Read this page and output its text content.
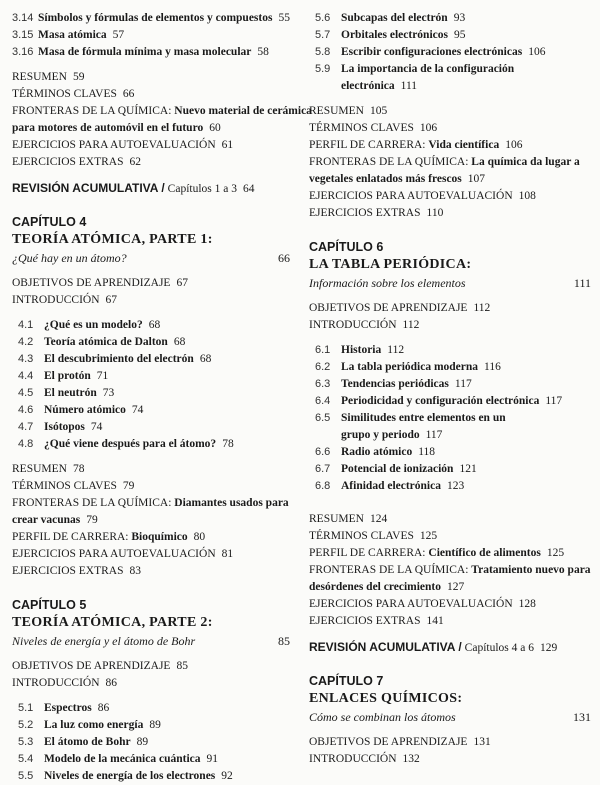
3.14 Símbolos y fórmulas de elementos y compuestos 55
3.15 Masa atómica 57
3.16 Masa de fórmula mínima y masa molecular 58
RESUMEN 59
TÉRMINOS CLAVES 66
FRONTERAS DE LA QUÍMICA: Nuevo material de cerámica
para motores de automóvil en el futuro 60
EJERCICIOS PARA AUTOEVALUACIÓN 61
EJERCICIOS EXTRAS 62
REVISIÓN ACUMULATIVA / Capítulos 1 a 3 64
CAPÍTULO 4
TEORÍA ATÓMICA, PARTE 1:
¿Qué hay en un átomo?	66
OBJETIVOS DE APRENDIZAJE 67
INTRODUCCIÓN 67
4.1 ¿Qué es un modelo? 68
4.2 Teoría atómica de Dalton 68
4.3 El descubrimiento del electrón 68
4.4 El protón 71
4.5 El neutrón 73
4.6 Número atómico 74
4.7 Isótopos 74
4.8 ¿Qué viene después para el átomo? 78
RESUMEN 78
TÉRMINOS CLAVES 79
FRONTERAS DE LA QUÍMICA: Diamantes usados para
crear vacunas 79
PERFIL DE CARRERA: Bioquímico 80
EJERCICIOS PARA AUTOEVALUACIÓN 81
EJERCICIOS EXTRAS 83
CAPÍTULO 5
TEORÍA ATÓMICA, PARTE 2:
Niveles de energía y el átomo de Bohr	85
OBJETIVOS DE APRENDIZAJE 85
INTRODUCCIÓN 86
5.1 Espectros 86
5.2 La luz como energía 89
5.3 El átomo de Bohr 89
5.4 Modelo de la mecánica cuántica 91
5.5 Niveles de energía de los electrones 92
5.6 Subcapas del electrón 93
5.7 Orbitales electrónicos 95
5.8 Escribir configuraciones electrónicas 106
5.9 La importancia de la configuración
electrónica 111
RESUMEN 105
TÉRMINOS CLAVES 106
PERFIL DE CARRERA: Vida científica 106
FRONTERAS DE LA QUÍMICA: La química da lugar a
vegetales enlatados más frescos 107
EJERCICIOS PARA AUTOEVALUACIÓN 108
EJERCICIOS EXTRAS 110
CAPÍTULO 6
LA TABLA PERIÓDICA:
Información sobre los elementos	111
OBJETIVOS DE APRENDIZAJE 112
INTRODUCCIÓN 112
6.1 Historia 112
6.2 La tabla periódica moderna 116
6.3 Tendencias periódicas 117
6.4 Periodicidad y configuración electrónica 117
6.5 Similitudes entre elementos en un
grupo y periodo 117
6.6 Radio atómico 118
6.7 Potencial de ionización 121
6.8 Afinidad electrónica 123
RESUMEN 124
TÉRMINOS CLAVES 125
PERFIL DE CARRERA: Científico de alimentos 125
FRONTERAS DE LA QUÍMICA: Tratamiento nuevo para
desórdenes del crecimiento 127
EJERCICIOS PARA AUTOEVALUACIÓN 128
EJERCICIOS EXTRAS 141
REVISIÓN ACUMULATIVA / Capítulos 4 a 6 129
CAPÍTULO 7
ENLACES QUÍMICOS:
Cómo se combinan los átomos	131
OBJETIVOS DE APRENDIZAJE 131
INTRODUCCIÓN 132
